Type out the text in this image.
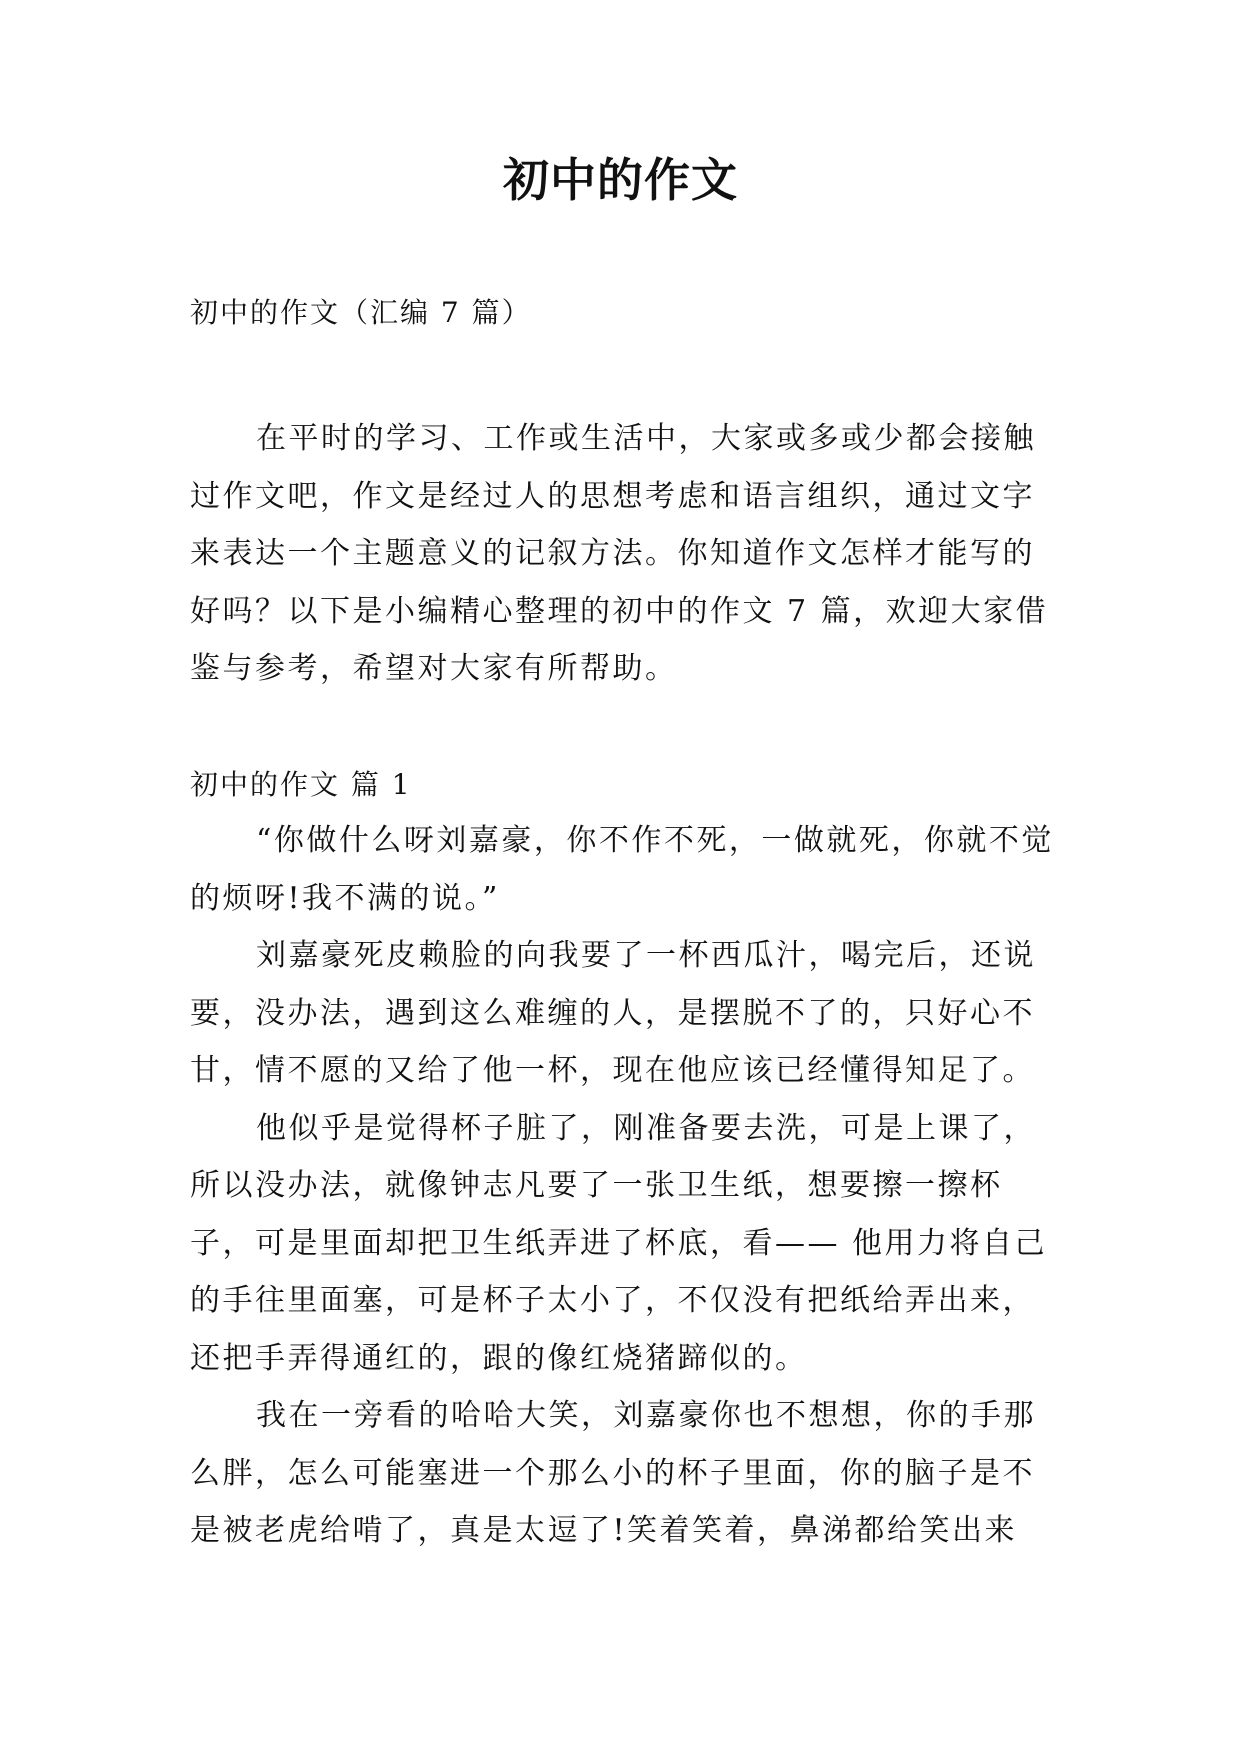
初中的作文

初中的作文（汇编 7 篇）

在平时的学习、工作或生活中，大家或多或少都会接触过作文吧，作文是经过人的思想考虑和语言组织，通过文字来表达一个主题意义的记叙方法。你知道作文怎样才能写的好吗？以下是小编精心整理的初中的作文 7 篇，欢迎大家借鉴与参考，希望对大家有所帮助。

初中的作文 篇 1

“你做什么呀刘嘉豪，你不作不死，一做就死，你就不觉的烦呀!我不满的说。”

刘嘉豪死皮赖脸的向我要了一杯西瓜汁，喝完后，还说要，没办法，遇到这么难缠的人，是摆脱不了的，只好心不甘，情不愿的又给了他一杯，现在他应该已经懂得知足了。

他似乎是觉得杯子脏了，刚准备要去洗，可是上课了，所以没办法，就像钟志凡要了一张卫生纸，想要擦一擦杯子，可是里面却把卫生纸弄进了杯底，看—— 他用力将自己的手往里面塞，可是杯子太小了，不仅没有把纸给弄出来，还把手弄得通红的，跟的像红烧猪蹄似的。

我在一旁看的哈哈大笑，刘嘉豪你也不想想，你的手那么胖，怎么可能塞进一个那么小的杯子里面，你的脑子是不是被老虎给啃了，真是太逗了!笑着笑着，鼻涕都给笑出来
